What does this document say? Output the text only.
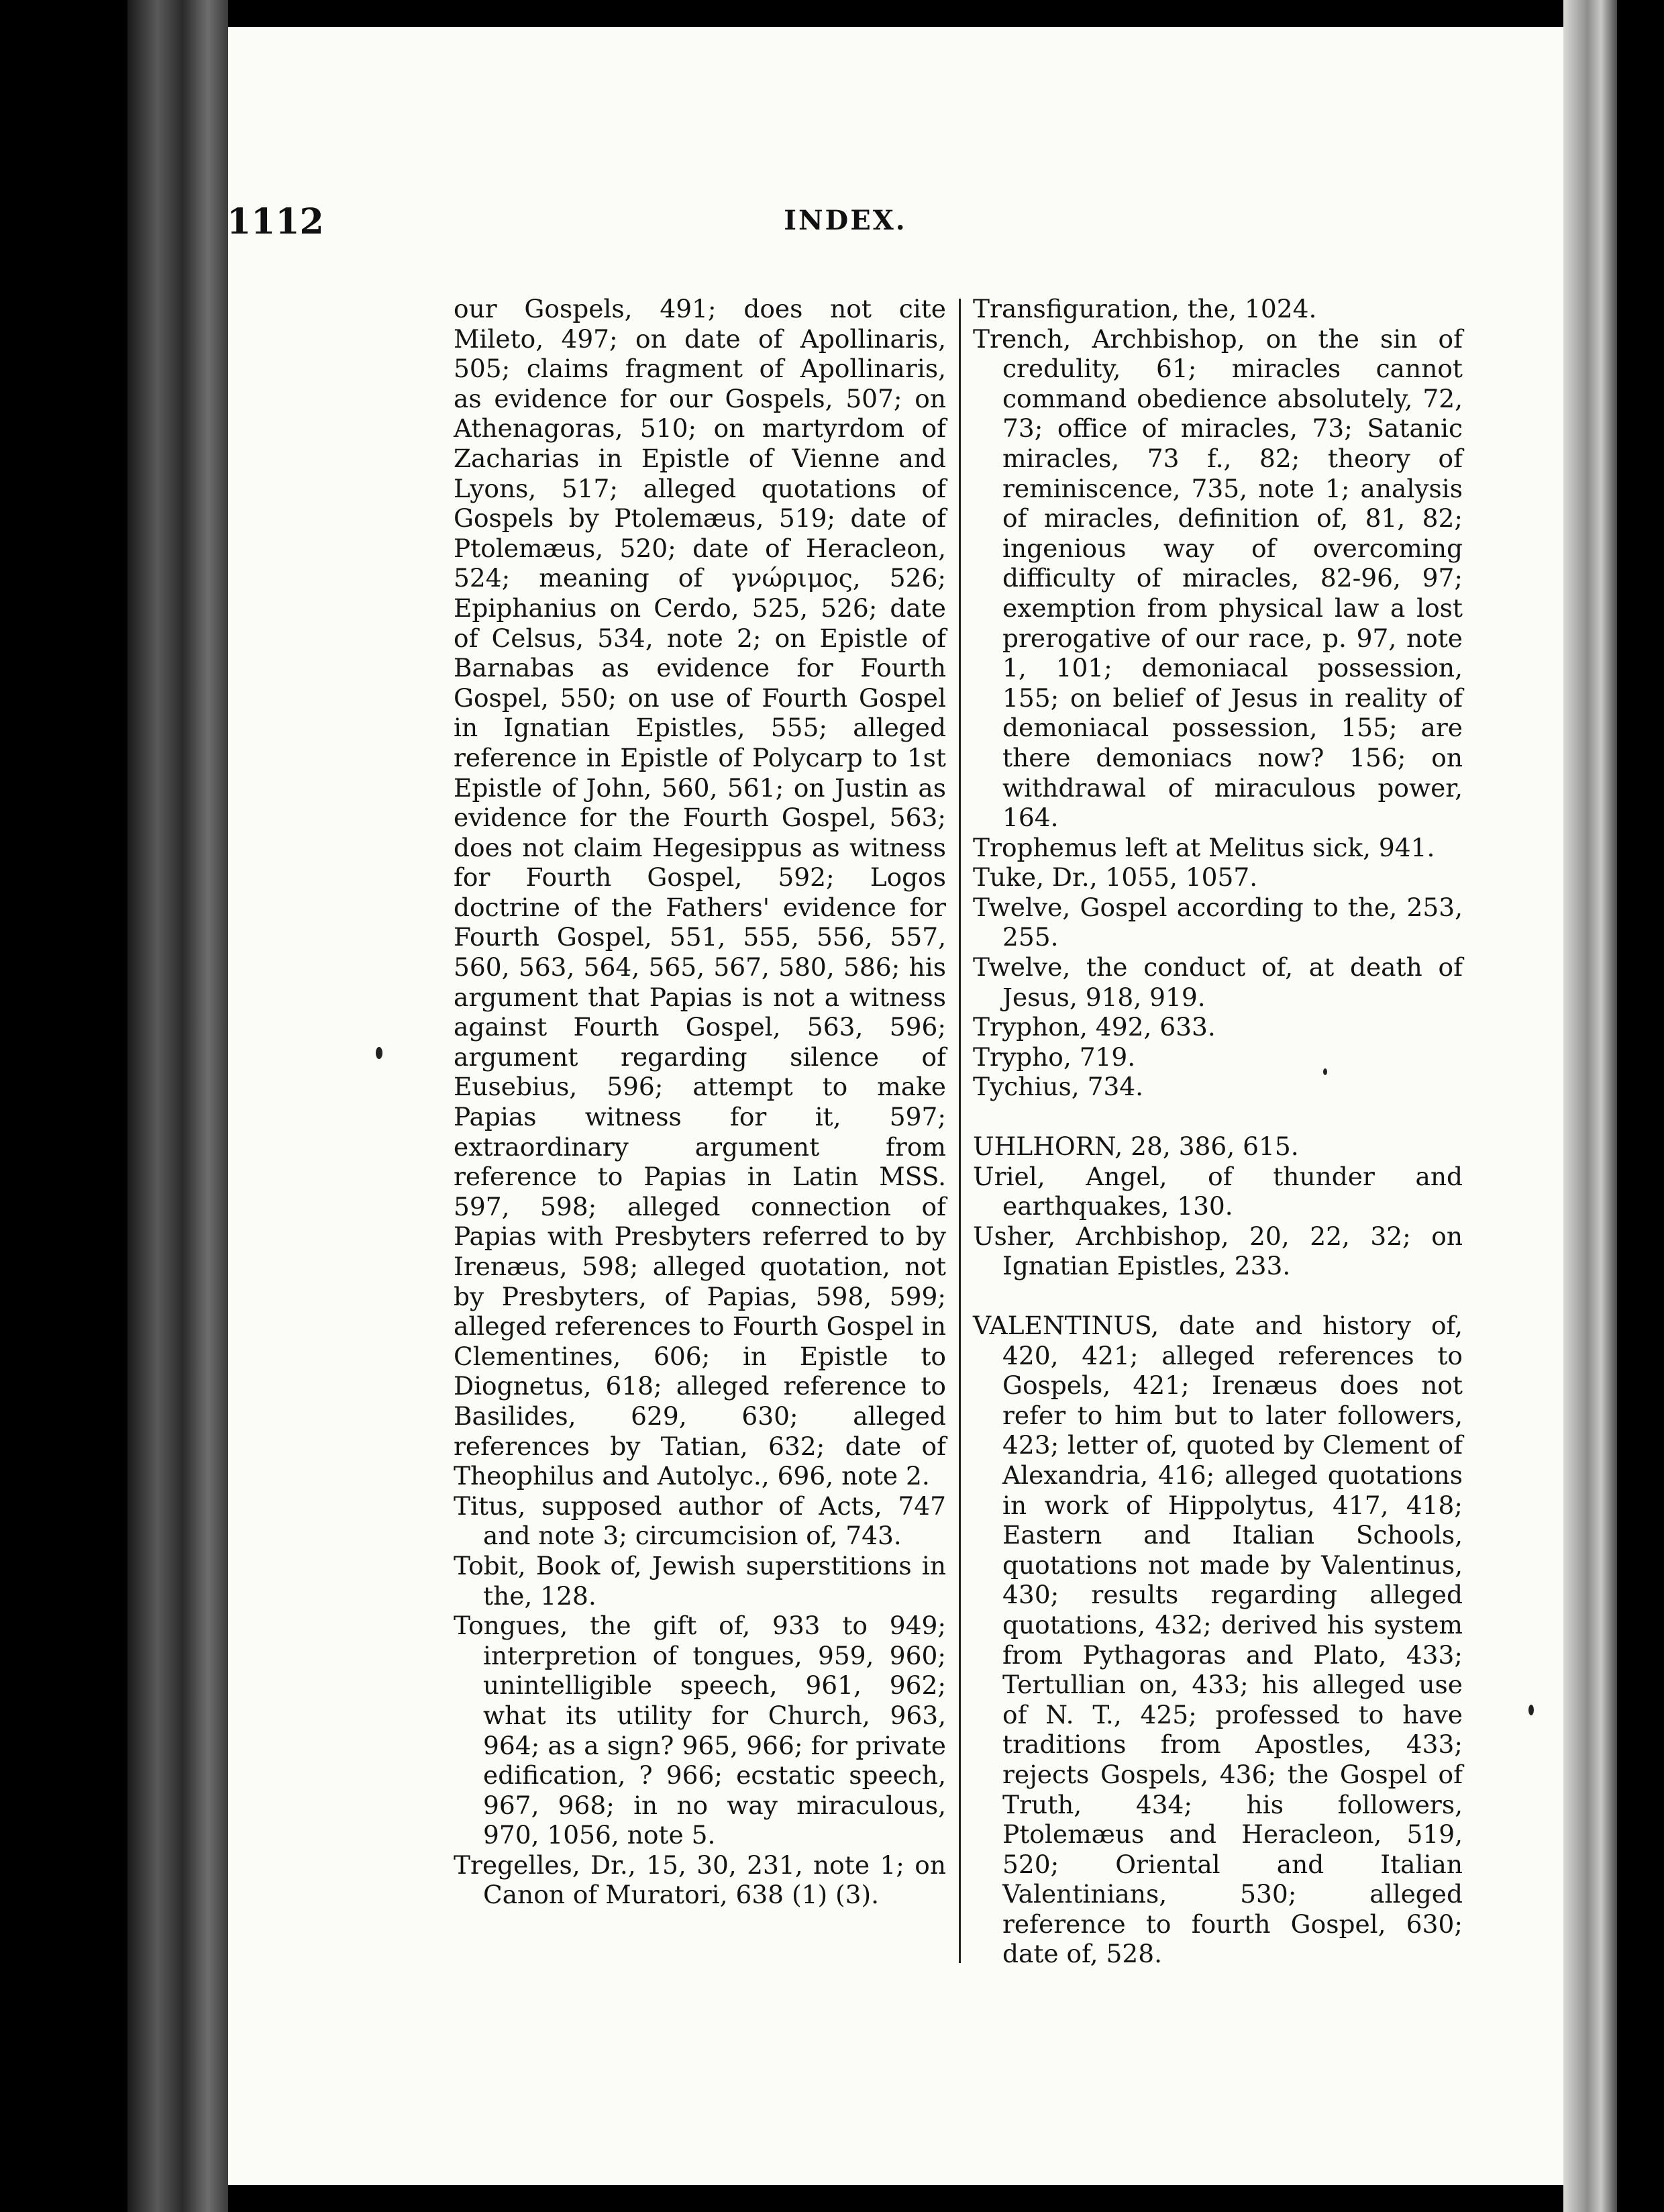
1112	INDEX.

our Gospels, 491; does not cite Mileto, 497; on date of Apollinaris, 505; claims fragment of Apollinaris, as evidence for our Gospels, 507; on Athenagoras, 510; on martyrdom of Zacharias in Epistle of Vienne and Lyons, 517; alleged quotations of Gospels by Ptolemæus, 519; date of Ptolemæus, 520; date of Heracleon, 524; meaning of γνώριμος, 526; Epiphanius on Cerdo, 525, 526; date of Celsus, 534, note 2; on Epistle of Barnabas as evidence for Fourth Gospel, 550; on use of Fourth Gospel in Ignatian Epistles, 555; alleged reference in Epistle of Polycarp to 1st Epistle of John, 560, 561; on Justin as evidence for the Fourth Gospel, 563; does not claim Hegesippus as witness for Fourth Gospel, 592; Logos doctrine of the Fathers' evidence for Fourth Gospel, 551, 555, 556, 557, 560, 563, 564, 565, 567, 580, 586; his argument that Papias is not a witness against Fourth Gospel, 563, 596; argument regarding silence of Eusebius, 596; attempt to make Papias witness for it, 597; extraordinary argument from reference to Papias in Latin MSS. 597, 598; alleged connection of Papias with Presbyters referred to by Irenæus, 598; alleged quotation, not by Presbyters, of Papias, 598, 599; alleged references to Fourth Gospel in Clementines, 606; in Epistle to Diognetus, 618; alleged reference to Basilides, 629, 630; alleged references by Tatian, 632; date of Theophilus and Autolyc., 696, note 2.

Titus, supposed author of Acts, 747 and note 3; circumcision of, 743.

Tobit, Book of, Jewish superstitions in the, 128.

Tongues, the gift of, 933 to 949; interpretion of tongues, 959, 960; unintelligible speech, 961, 962; what its utility for Church, 963, 964; as a sign? 965, 966; for private edification, ? 966; ecstatic speech, 967, 968; in no way miraculous, 970, 1056, note 5.

Tregelles, Dr., 15, 30, 231, note 1; on Canon of Muratori, 638 (1) (3).

Transfiguration, the, 1024.

Trench, Archbishop, on the sin of credulity, 61; miracles cannot command obedience absolutely, 72, 73; office of miracles, 73; Satanic miracles, 73 f., 82; theory of reminiscence, 735, note 1; analysis of miracles, definition of, 81, 82; ingenious way of overcoming difficulty of miracles, 82-96, 97; exemption from physical law a lost prerogative of our race, p. 97, note 1, 101; demoniacal possession, 155; on belief of Jesus in reality of demoniacal possession, 155; are there demoniacs now? 156; on withdrawal of miraculous power, 164.

Trophemus left at Melitus sick, 941.

Tuke, Dr., 1055, 1057.

Twelve, Gospel according to the, 253, 255.

Twelve, the conduct of, at death of Jesus, 918, 919.

Tryphon, 492, 633.

Trypho, 719.

Tychius, 734.

UHLHORN, 28, 386, 615.

Uriel, Angel, of thunder and earthquakes, 130.

Usher, Archbishop, 20, 22, 32; on Ignatian Epistles, 233.

VALENTINUS, date and history of, 420, 421; alleged references to Gospels, 421; Irenæus does not refer to him but to later followers, 423; letter of, quoted by Clement of Alexandria, 416; alleged quotations in work of Hippolytus, 417, 418; Eastern and Italian Schools, quotations not made by Valentinus, 430; results regarding alleged quotations, 432; derived his system from Pythagoras and Plato, 433; Tertullian on, 433; his alleged use of N. T., 425; professed to have traditions from Apostles, 433; rejects Gospels, 436; the Gospel of Truth, 434; his followers, Ptolemæus and Heracleon, 519, 520; Oriental and Italian Valentinians, 530; alleged reference to fourth Gospel, 630; date of, 528.
